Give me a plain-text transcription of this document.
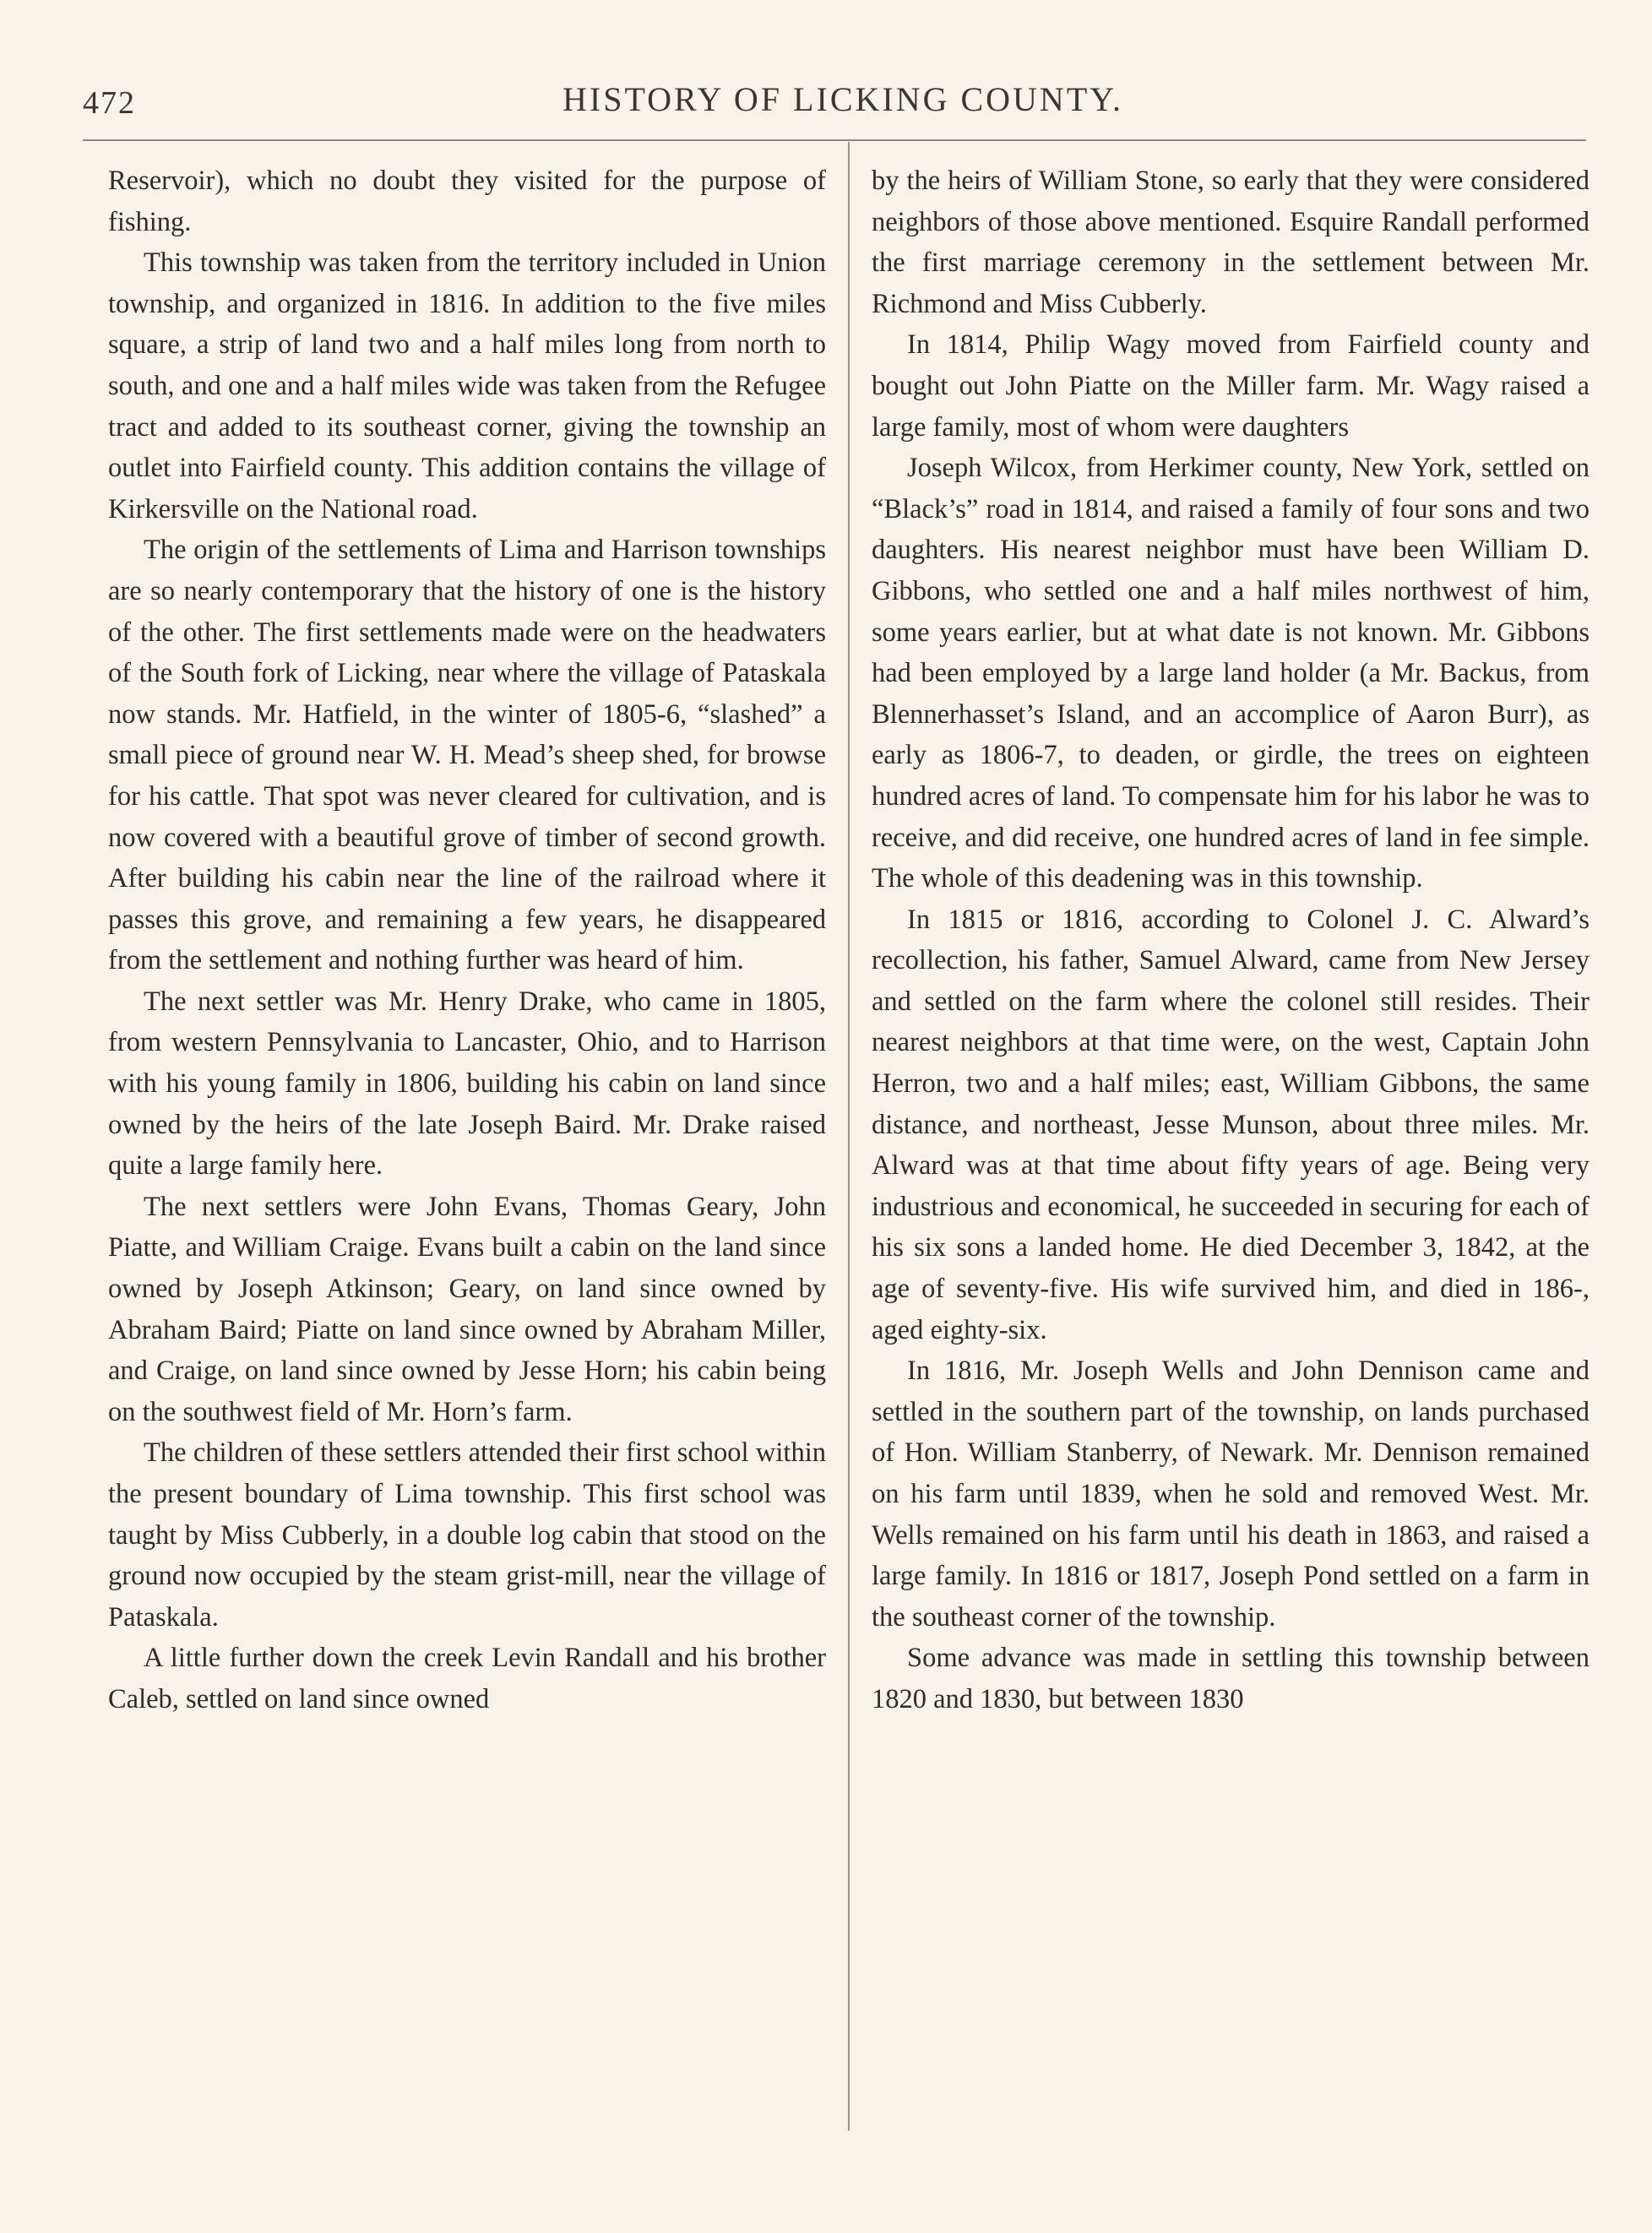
472	HISTORY OF LICKING COUNTY.

Reservoir), which no doubt they visited for the purpose of fishing.

This township was taken from the territory included in Union township, and organized in 1816. In addition to the five miles square, a strip of land two and a half miles long from north to south, and one and a half miles wide was taken from the Refugee tract and added to its southeast corner, giving the township an outlet into Fairfield county. This addition contains the village of Kirkersville on the National road.

The origin of the settlements of Lima and Harrison townships are so nearly contemporary that the history of one is the history of the other. The first settlements made were on the headwaters of the South fork of Licking, near where the village of Pataskala now stands. Mr. Hatfield, in the winter of 1805-6, “slashed” a small piece of ground near W. H. Mead’s sheep shed, for browse for his cattle. That spot was never cleared for cultivation, and is now covered with a beautiful grove of timber of second growth. After building his cabin near the line of the railroad where it passes this grove, and remaining a few years, he disappeared from the settlement and nothing further was heard of him.

The next settler was Mr. Henry Drake, who came in 1805, from western Pennsylvania to Lancaster, Ohio, and to Harrison with his young family in 1806, building his cabin on land since owned by the heirs of the late Joseph Baird. Mr. Drake raised quite a large family here.

The next settlers were John Evans, Thomas Geary, John Piatte, and William Craige. Evans built a cabin on the land since owned by Joseph Atkinson; Geary, on land since owned by Abraham Baird; Piatte on land since owned by Abraham Miller, and Craige, on land since owned by Jesse Horn; his cabin being on the southwest field of Mr. Horn’s farm.

The children of these settlers attended their first school within the present boundary of Lima township. This first school was taught by Miss Cubberly, in a double log cabin that stood on the ground now occupied by the steam grist-mill, near the village of Pataskala.

A little further down the creek Levin Randall and his brother Caleb, settled on land since owned

by the heirs of William Stone, so early that they were considered neighbors of those above mentioned. Esquire Randall performed the first marriage ceremony in the settlement between Mr. Richmond and Miss Cubberly.

In 1814, Philip Wagy moved from Fairfield county and bought out John Piatte on the Miller farm. Mr. Wagy raised a large family, most of whom were daughters

Joseph Wilcox, from Herkimer county, New York, settled on “Black’s” road in 1814, and raised a family of four sons and two daughters. His nearest neighbor must have been William D. Gibbons, who settled one and a half miles northwest of him, some years earlier, but at what date is not known. Mr. Gibbons had been employed by a large land holder (a Mr. Backus, from Blennerhasset’s Island, and an accomplice of Aaron Burr), as early as 1806-7, to deaden, or girdle, the trees on eighteen hundred acres of land. To compensate him for his labor he was to receive, and did receive, one hundred acres of land in fee simple. The whole of this deadening was in this township.

In 1815 or 1816, according to Colonel J. C. Alward’s recollection, his father, Samuel Alward, came from New Jersey and settled on the farm where the colonel still resides. Their nearest neighbors at that time were, on the west, Captain John Herron, two and a half miles; east, William Gibbons, the same distance, and northeast, Jesse Munson, about three miles. Mr. Alward was at that time about fifty years of age. Being very industrious and economical, he succeeded in securing for each of his six sons a landed home. He died December 3, 1842, at the age of seventy-five. His wife survived him, and died in 186-, aged eighty-six.

In 1816, Mr. Joseph Wells and John Dennison came and settled in the southern part of the township, on lands purchased of Hon. William Stanberry, of Newark. Mr. Dennison remained on his farm until 1839, when he sold and removed West. Mr. Wells remained on his farm until his death in 1863, and raised a large family. In 1816 or 1817, Joseph Pond settled on a farm in the southeast corner of the township.

Some advance was made in settling this township between 1820 and 1830, but between 1830
